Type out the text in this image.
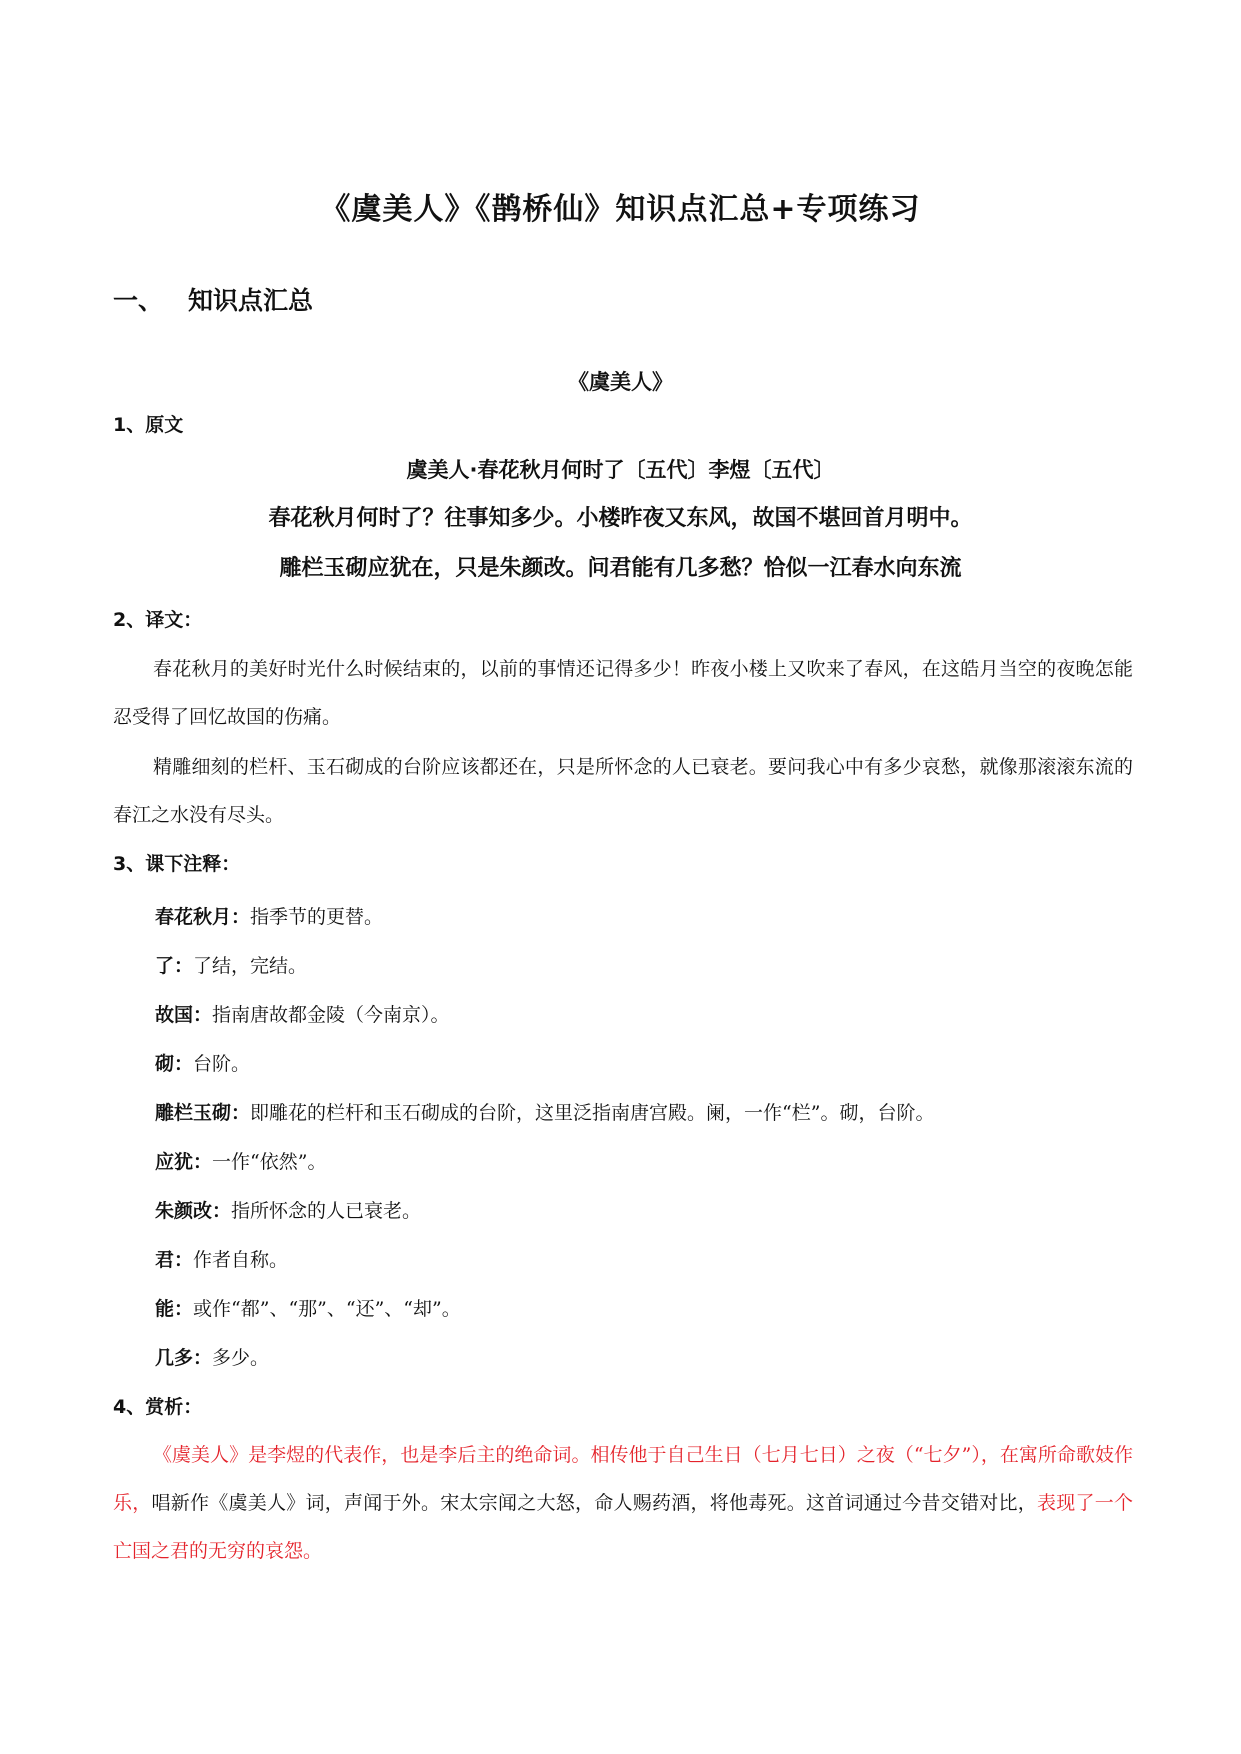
《虞美人》《鹊桥仙》知识点汇总+专项练习
一、 知识点汇总
《虞美人》
1、原文
虞美人·春花秋月何时了〔五代〕李煜〔五代〕
春花秋月何时了？往事知多少。小楼昨夜又东风，故国不堪回首月明中。
雕栏玉砌应犹在，只是朱颜改。问君能有几多愁？恰似一江春水向东流
2、译文：
春花秋月的美好时光什么时候结束的，以前的事情还记得多少！昨夜小楼上又吹来了春风，在这皓月当空的夜晚怎能忍受得了回忆故国的伤痛。
精雕细刻的栏杆、玉石砌成的台阶应该都还在，只是所怀念的人已衰老。要问我心中有多少哀愁，就像那滚滚东流的春江之水没有尽头。
3、课下注释：
春花秋月：指季节的更替。
了：了结，完结。
故国：指南唐故都金陵（今南京）。
砌：台阶。
雕栏玉砌：即雕花的栏杆和玉石砌成的台阶，这里泛指南唐宫殿。阑，一作“栏”。砌，台阶。
应犹：一作“依然”。
朱颜改：指所怀念的人已衰老。
君：作者自称。
能：或作“都”、“那”、“还”、“却”。
几多：多少。
4、赏析：
《虞美人》是李煜的代表作，也是李后主的绝命词。相传他于自己生日（七月七日）之夜（“七夕”），在寓所命歌妓作乐，唱新作《虞美人》词，声闻于外。宋太宗闻之大怒，命人赐药酒，将他毒死。这首词通过今昔交错对比，表现了一个亡国之君的无穷的哀怨。
